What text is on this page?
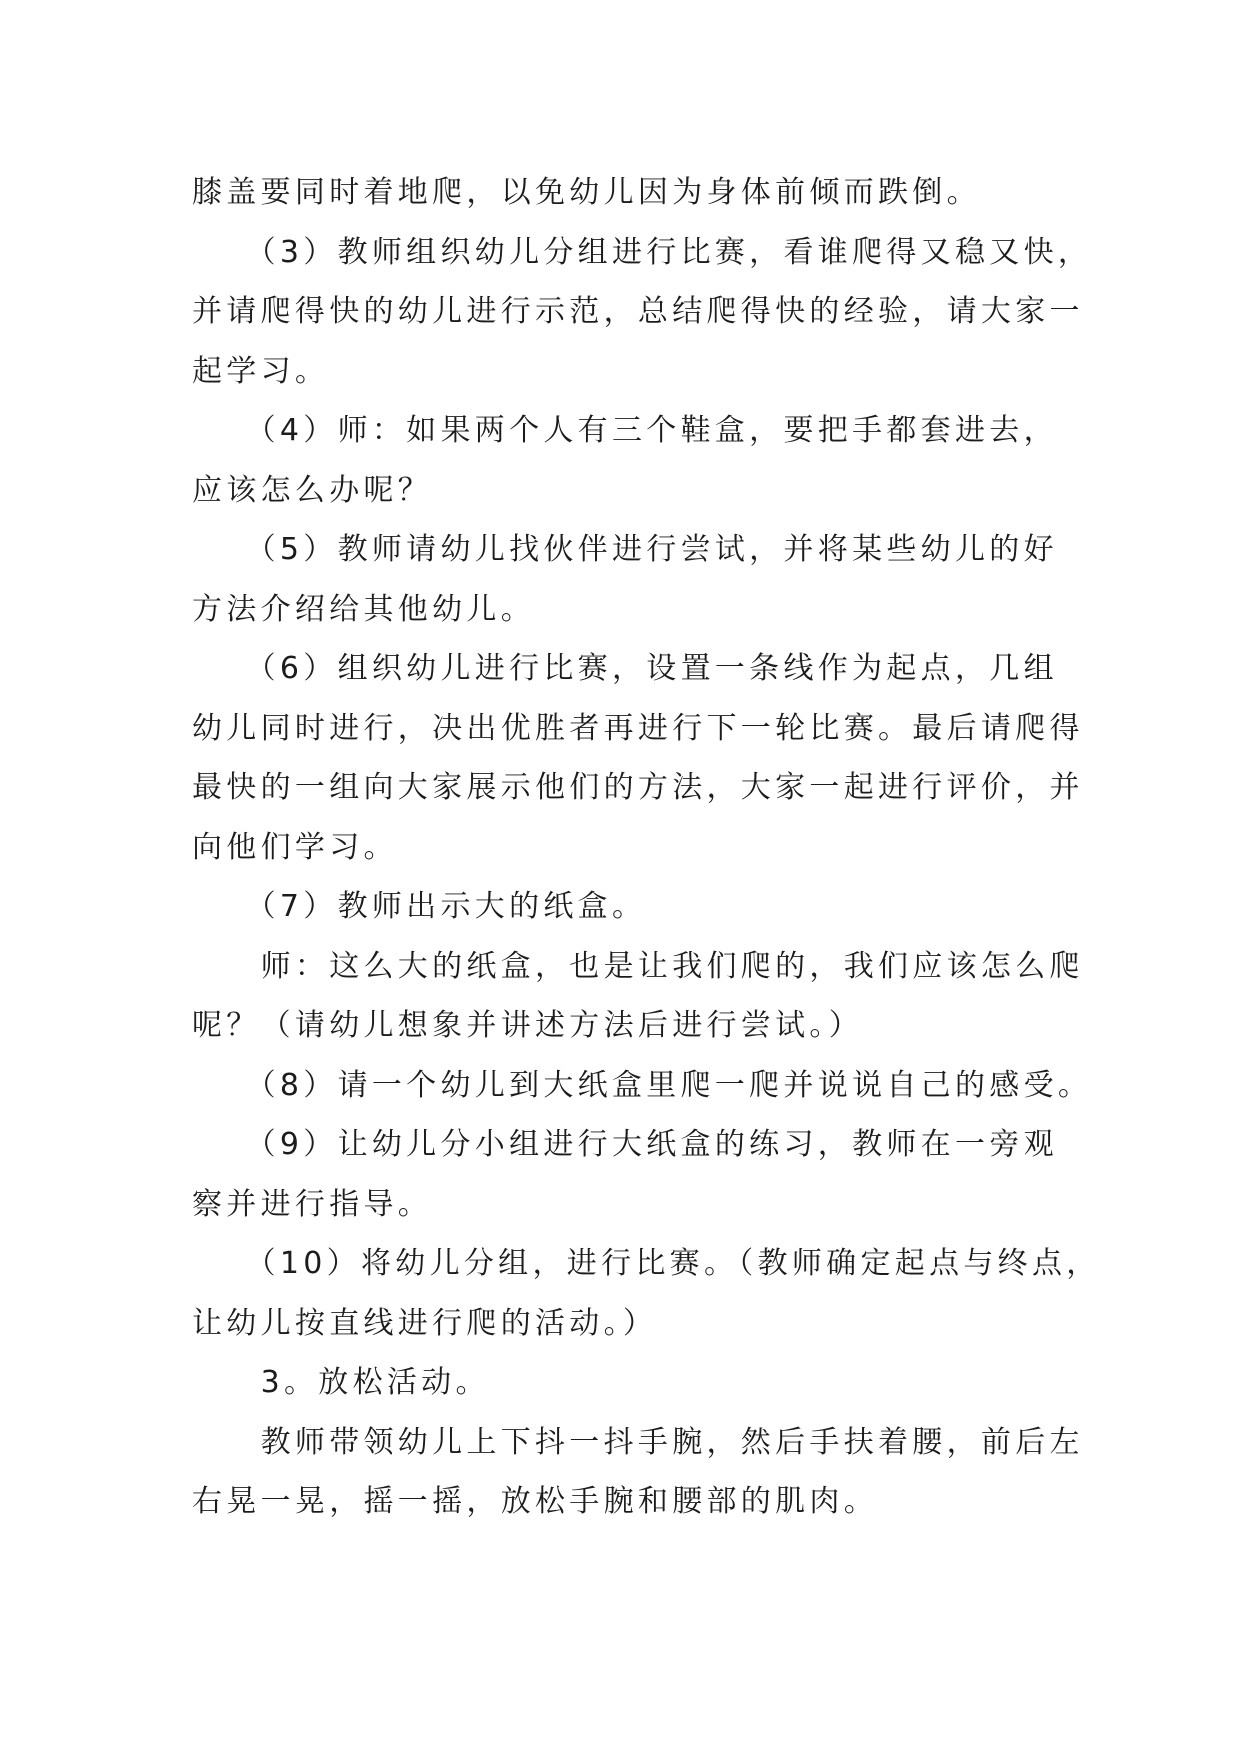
膝盖要同时着地爬，以免幼儿因为身体前倾而跌倒。

　　（3）教师组织幼儿分组进行比赛，看谁爬得又稳又快，

并请爬得快的幼儿进行示范，总结爬得快的经验，请大家一

起学习。

　　（4）师：如果两个人有三个鞋盒，要把手都套进去，

应该怎么办呢？

　　（5）教师请幼儿找伙伴进行尝试，并将某些幼儿的好

方法介绍给其他幼儿。

　　（6）组织幼儿进行比赛，设置一条线作为起点，几组

幼儿同时进行，决出优胜者再进行下一轮比赛。最后请爬得

最快的一组向大家展示他们的方法，大家一起进行评价，并

向他们学习。

　　（7）教师出示大的纸盒。

　　师：这么大的纸盒，也是让我们爬的，我们应该怎么爬

呢？（请幼儿想象并讲述方法后进行尝试。）

　　（8）请一个幼儿到大纸盒里爬一爬并说说自己的感受。

　　（9）让幼儿分小组进行大纸盒的练习，教师在一旁观

察并进行指导。

　　（10）将幼儿分组，进行比赛。（教师确定起点与终点，

让幼儿按直线进行爬的活动。）

　　3。放松活动。

　　教师带领幼儿上下抖一抖手腕，然后手扶着腰，前后左

右晃一晃，摇一摇，放松手腕和腰部的肌肉。
